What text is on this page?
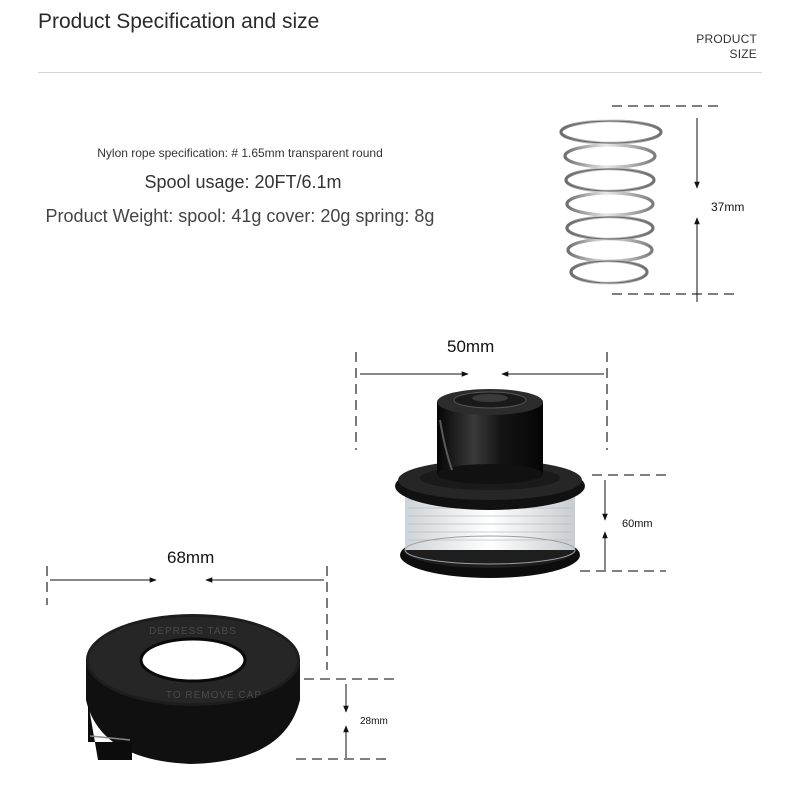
Product Specification and size
PRODUCT
SIZE
Nylon rope specification: # 1.65mm transparent round
Spool usage: 20FT/6.1m
Product Weight: spool: 41g cover: 20g spring: 8g
DEPRESS TABS
TO REMOVE CAP
37mm
50mm
60mm
68mm
28mm
